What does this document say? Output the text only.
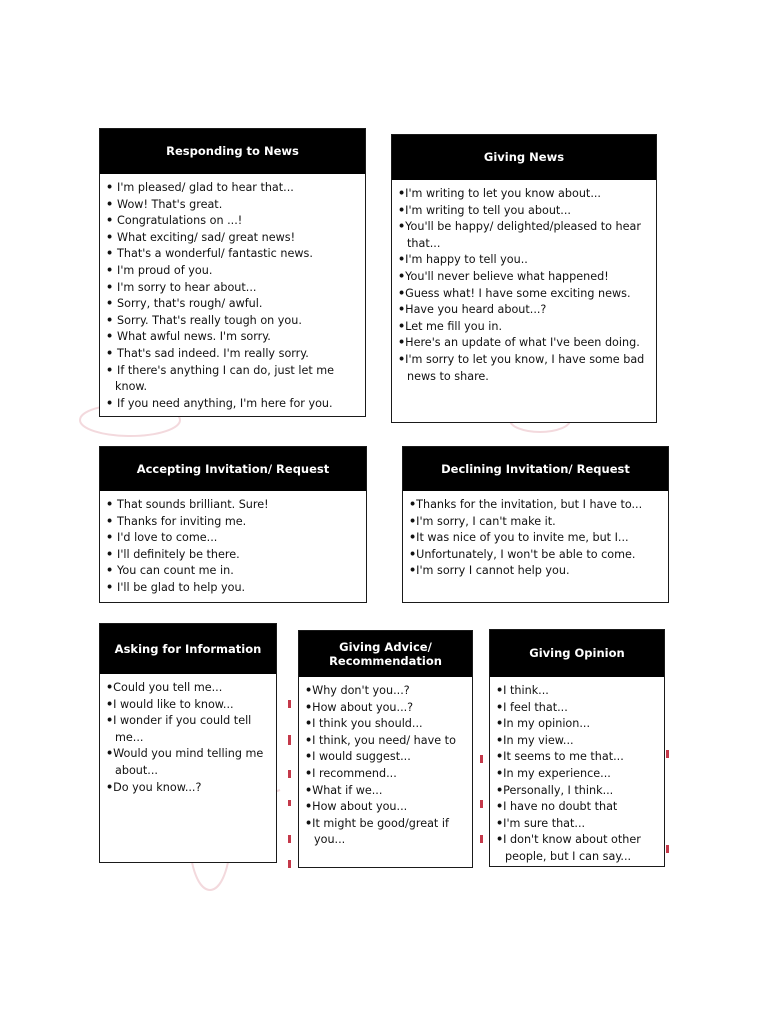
Responding to News
• I'm pleased/ glad to hear that...
• Wow! That's great.
• Congratulations on ...!
• What exciting/ sad/ great news!
• That's a wonderful/ fantastic news.
• I'm proud of you.
• I'm sorry to hear about...
• Sorry, that's rough/ awful.
• Sorry. That's really tough on you.
• What awful news. I'm sorry.
• That's sad indeed. I'm really sorry.
• If there's anything I can do, just let me know.
• If you need anything, I'm here for you.
Giving News
•I'm writing to let you know about...
•I'm writing to tell you about...
•You'll be happy/ delighted/pleased to hear that...
•I'm happy to tell you..
•You'll never believe what happened!
•Guess what! I have some exciting news.
•Have you heard about...?
•Let me fill you in.
•Here's an update of what I've been doing.
•I'm sorry to let you know, I have some bad news to share.
Accepting Invitation/ Request
• That sounds brilliant. Sure!
• Thanks for inviting me.
• I'd love to come...
• I'll definitely be there.
• You can count me in.
• I'll be glad to help you.
Declining Invitation/ Request
•Thanks for the invitation, but I have to...
•I'm sorry, I can't make it.
•It was nice of you to invite me, but I...
•Unfortunately, I won't be able to come.
•I'm sorry I cannot help you.
Asking for Information
•Could you tell me...
•I would like to know...
•I wonder if you could tell me...
•Would you mind telling me about...
•Do you know...?
Giving Advice/ Recommendation
•Why don't you...?
•How about you...?
•I think you should...
•I think, you need/ have to
•I would suggest...
•I recommend...
•What if we...
•How about you...
•It might be good/great if you...
Giving Opinion
•I think...
•I feel that...
•In my opinion...
•In my view...
•It seems to me that...
•In my experience...
•Personally, I think...
•I have no doubt that
•I'm sure that...
•I don't know about other people, but I can say...
